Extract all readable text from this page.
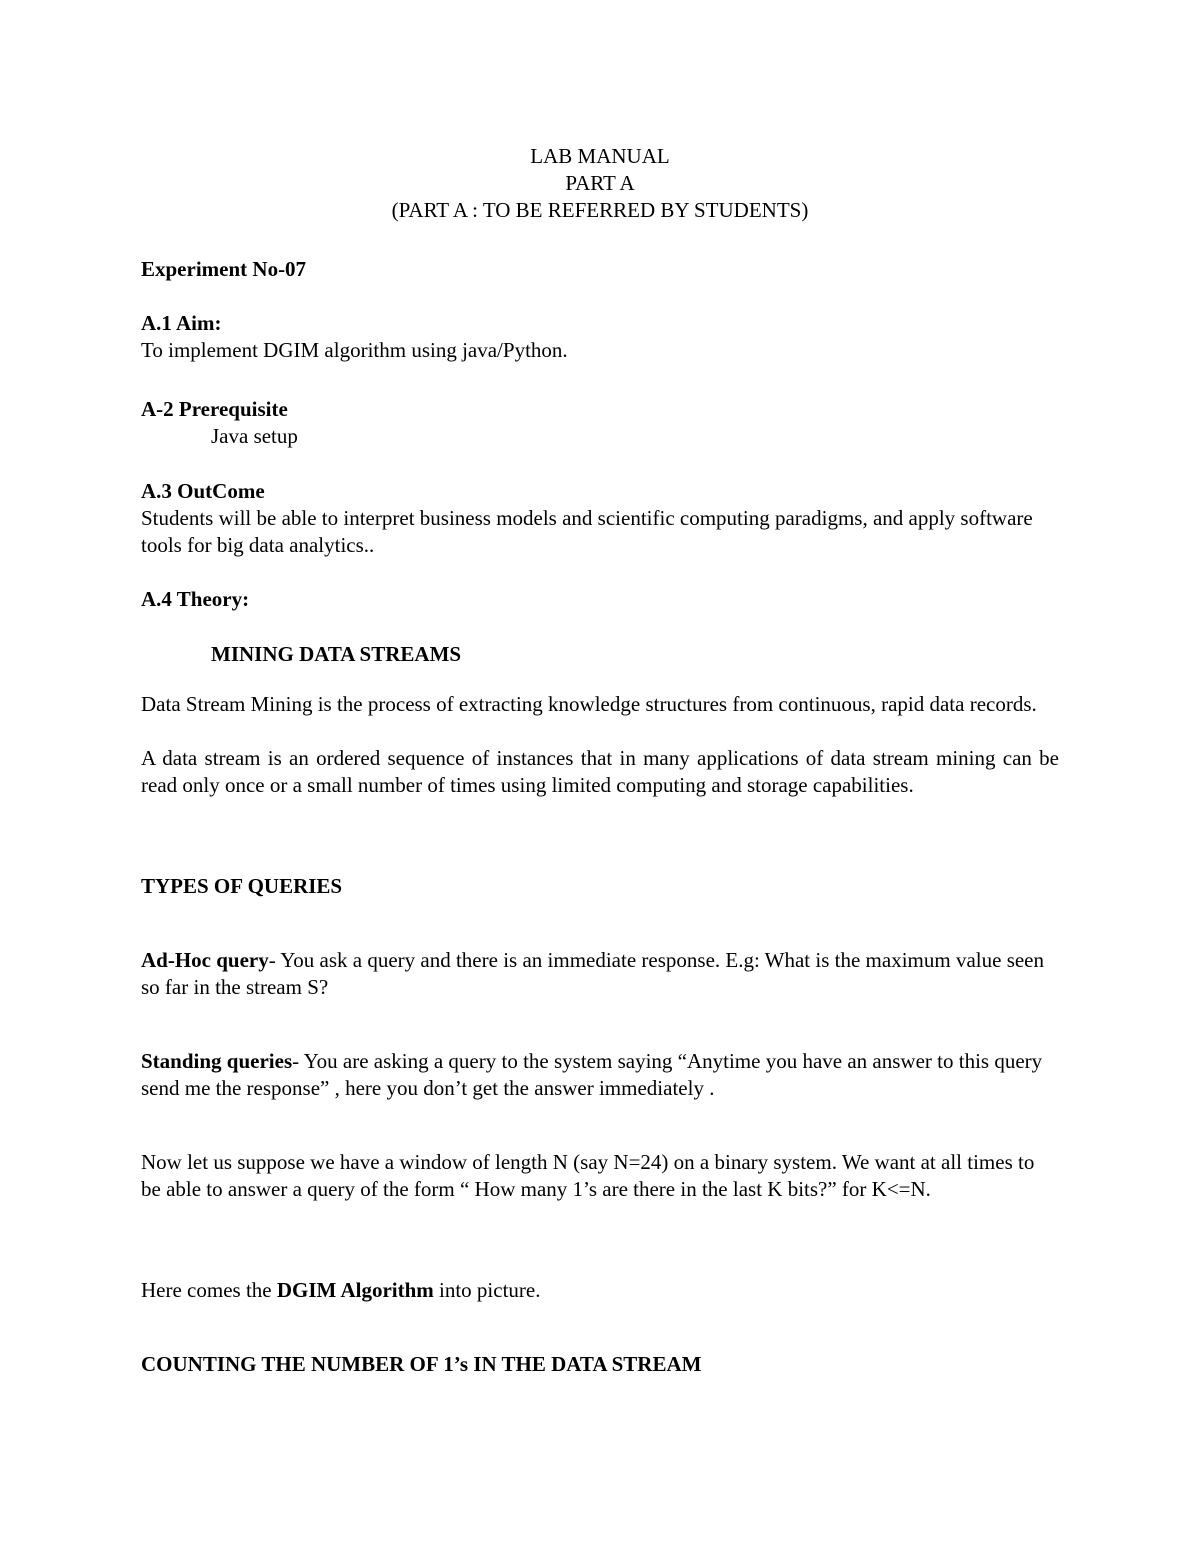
LAB MANUAL

PART A

(PART A : TO BE REFERRED BY STUDENTS)

Experiment No-07

A.1 Aim:

To implement DGIM algorithm using java/Python.

A-2 Prerequisite

Java setup

A.3 OutCome

Students will be able to interpret business models and scientific computing paradigms, and apply software tools for big data analytics..

A.4 Theory:

MINING DATA STREAMS

Data Stream Mining is the process of extracting knowledge structures from continuous, rapid data records.

A data stream is an ordered sequence of instances that in many applications of data stream mining can be read only once or a small number of times using limited computing and storage capabilities.

TYPES OF QUERIES

Ad-Hoc query- You ask a query and there is an immediate response. E.g: What is the maximum value seen so far in the stream S?

Standing queries- You are asking a query to the system saying “Anytime you have an answer to this query send me the response” , here you don’t get the answer immediately .

Now let us suppose we have a window of length N (say N=24) on a binary system. We want at all times to be able to answer a query of the form “ How many 1’s are there in the last K bits?” for K<=N.

Here comes the DGIM Algorithm into picture.

COUNTING THE NUMBER OF 1’s IN THE DATA STREAM
